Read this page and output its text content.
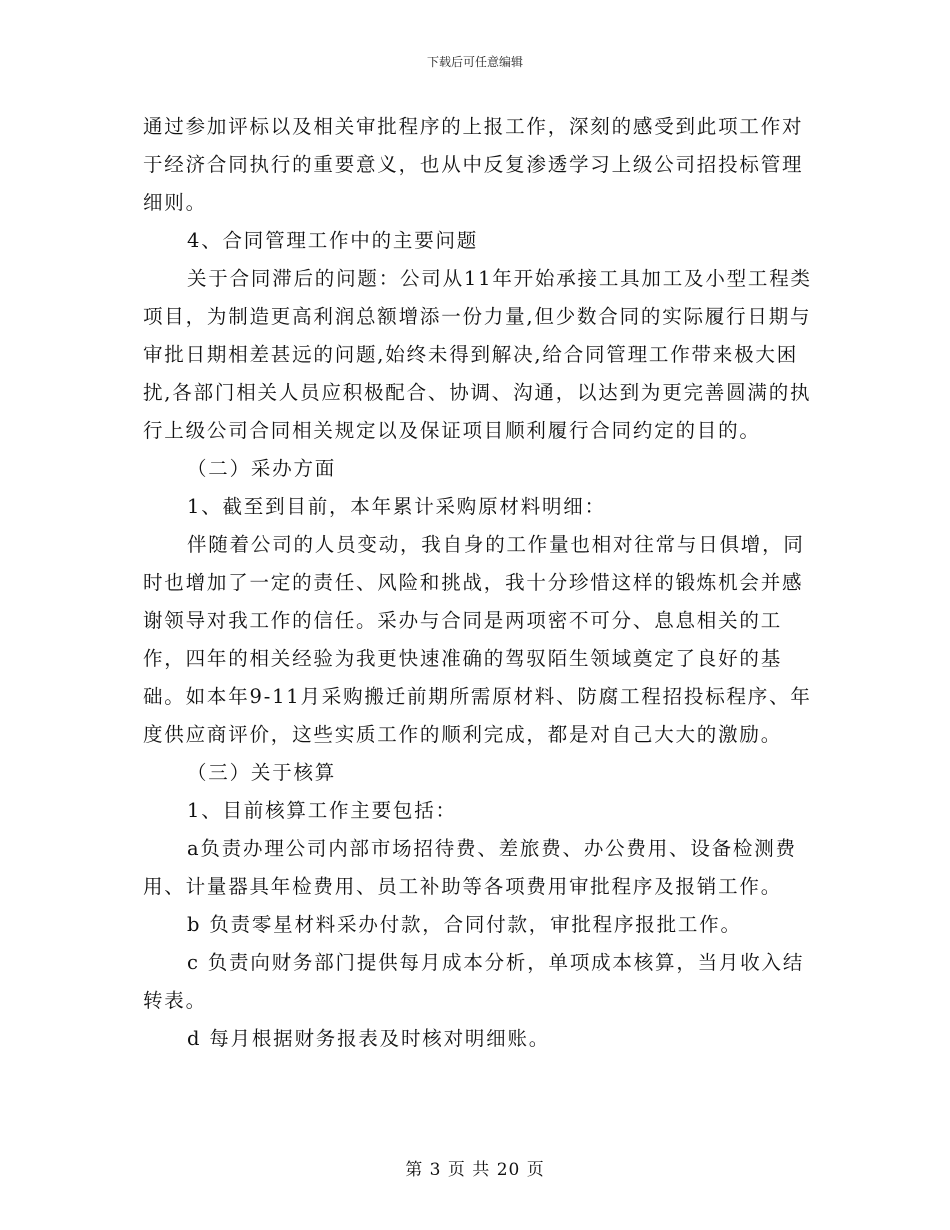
下载后可任意编辑

通过参加评标以及相关审批程序的上报工作，深刻的感受到此项工作对于经济合同执行的重要意义，也从中反复渗透学习上级公司招投标管理细则。

4、合同管理工作中的主要问题

关于合同滞后的问题：公司从11年开始承接工具加工及小型工程类项目，为制造更高利润总额增添一份力量,但少数合同的实际履行日期与审批日期相差甚远的问题,始终未得到解决,给合同管理工作带来极大困扰,各部门相关人员应积极配合、协调、沟通，以达到为更完善圆满的执行上级公司合同相关规定以及保证项目顺利履行合同约定的目的。

（二）采办方面

1、截至到目前，本年累计采购原材料明细：

伴随着公司的人员变动，我自身的工作量也相对往常与日俱增，同时也增加了一定的责任、风险和挑战，我十分珍惜这样的锻炼机会并感谢领导对我工作的信任。采办与合同是两项密不可分、息息相关的工作，四年的相关经验为我更快速准确的驾驭陌生领域奠定了良好的基础。如本年9-11月采购搬迁前期所需原材料、防腐工程招投标程序、年度供应商评价，这些实质工作的顺利完成，都是对自己大大的激励。

（三）关于核算

1、目前核算工作主要包括：

a负责办理公司内部市场招待费、差旅费、办公费用、设备检测费用、计量器具年检费用、员工补助等各项费用审批程序及报销工作。

b 负责零星材料采办付款，合同付款，审批程序报批工作。

c 负责向财务部门提供每月成本分析，单项成本核算，当月收入结转表。

d 每月根据财务报表及时核对明细账。

第 3 页 共 20 页
